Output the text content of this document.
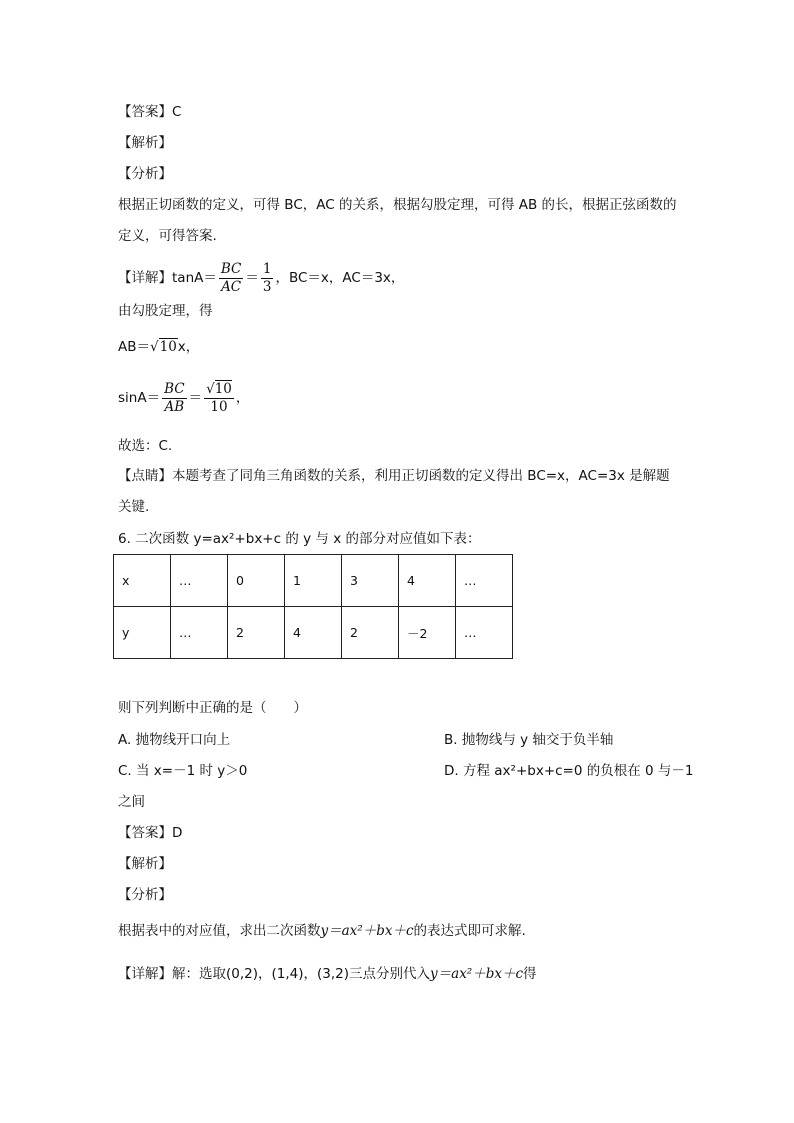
【答案】C
【解析】
【分析】
根据正切函数的定义，可得 BC，AC 的关系，根据勾股定理，可得 AB 的长，根据正弦函数的定义，可得答案.
【详解】$\tan A= \frac{BC}{AC} = \frac{1}{3}$ ，BC＝x，AC＝3x，
由勾股定理，得
AB＝√10x，
$\sin A= \frac{BC}{AB} = \frac{√10}{10}$ ，
故选：C.
【点睛】本题考查了同角三角函数的关系，利用正切函数的定义得出 BC=x，AC=3x 是解题关键.
6. 二次函数 y=ax²+bx+c 的 y 与 x 的部分对应值如下表：
x	…	0	1	3	4	…
y	…	2	4	2	－2	…
则下列判断中正确的是（　　）
A. 抛物线开口向上	B. 抛物线与 y 轴交于负半轴
C. 当 x=－1 时 y＞0	D. 方程 ax²+bx+c=0 的负根在 0 与－1
之间
【答案】D
【解析】
【分析】
根据表中的对应值，求出二次函数y＝ax²＋bx＋c的表达式即可求解.
【详解】解：选取(0,2)，(1,4)，(3,2)三点分别代入y＝ax²＋bx＋c得
